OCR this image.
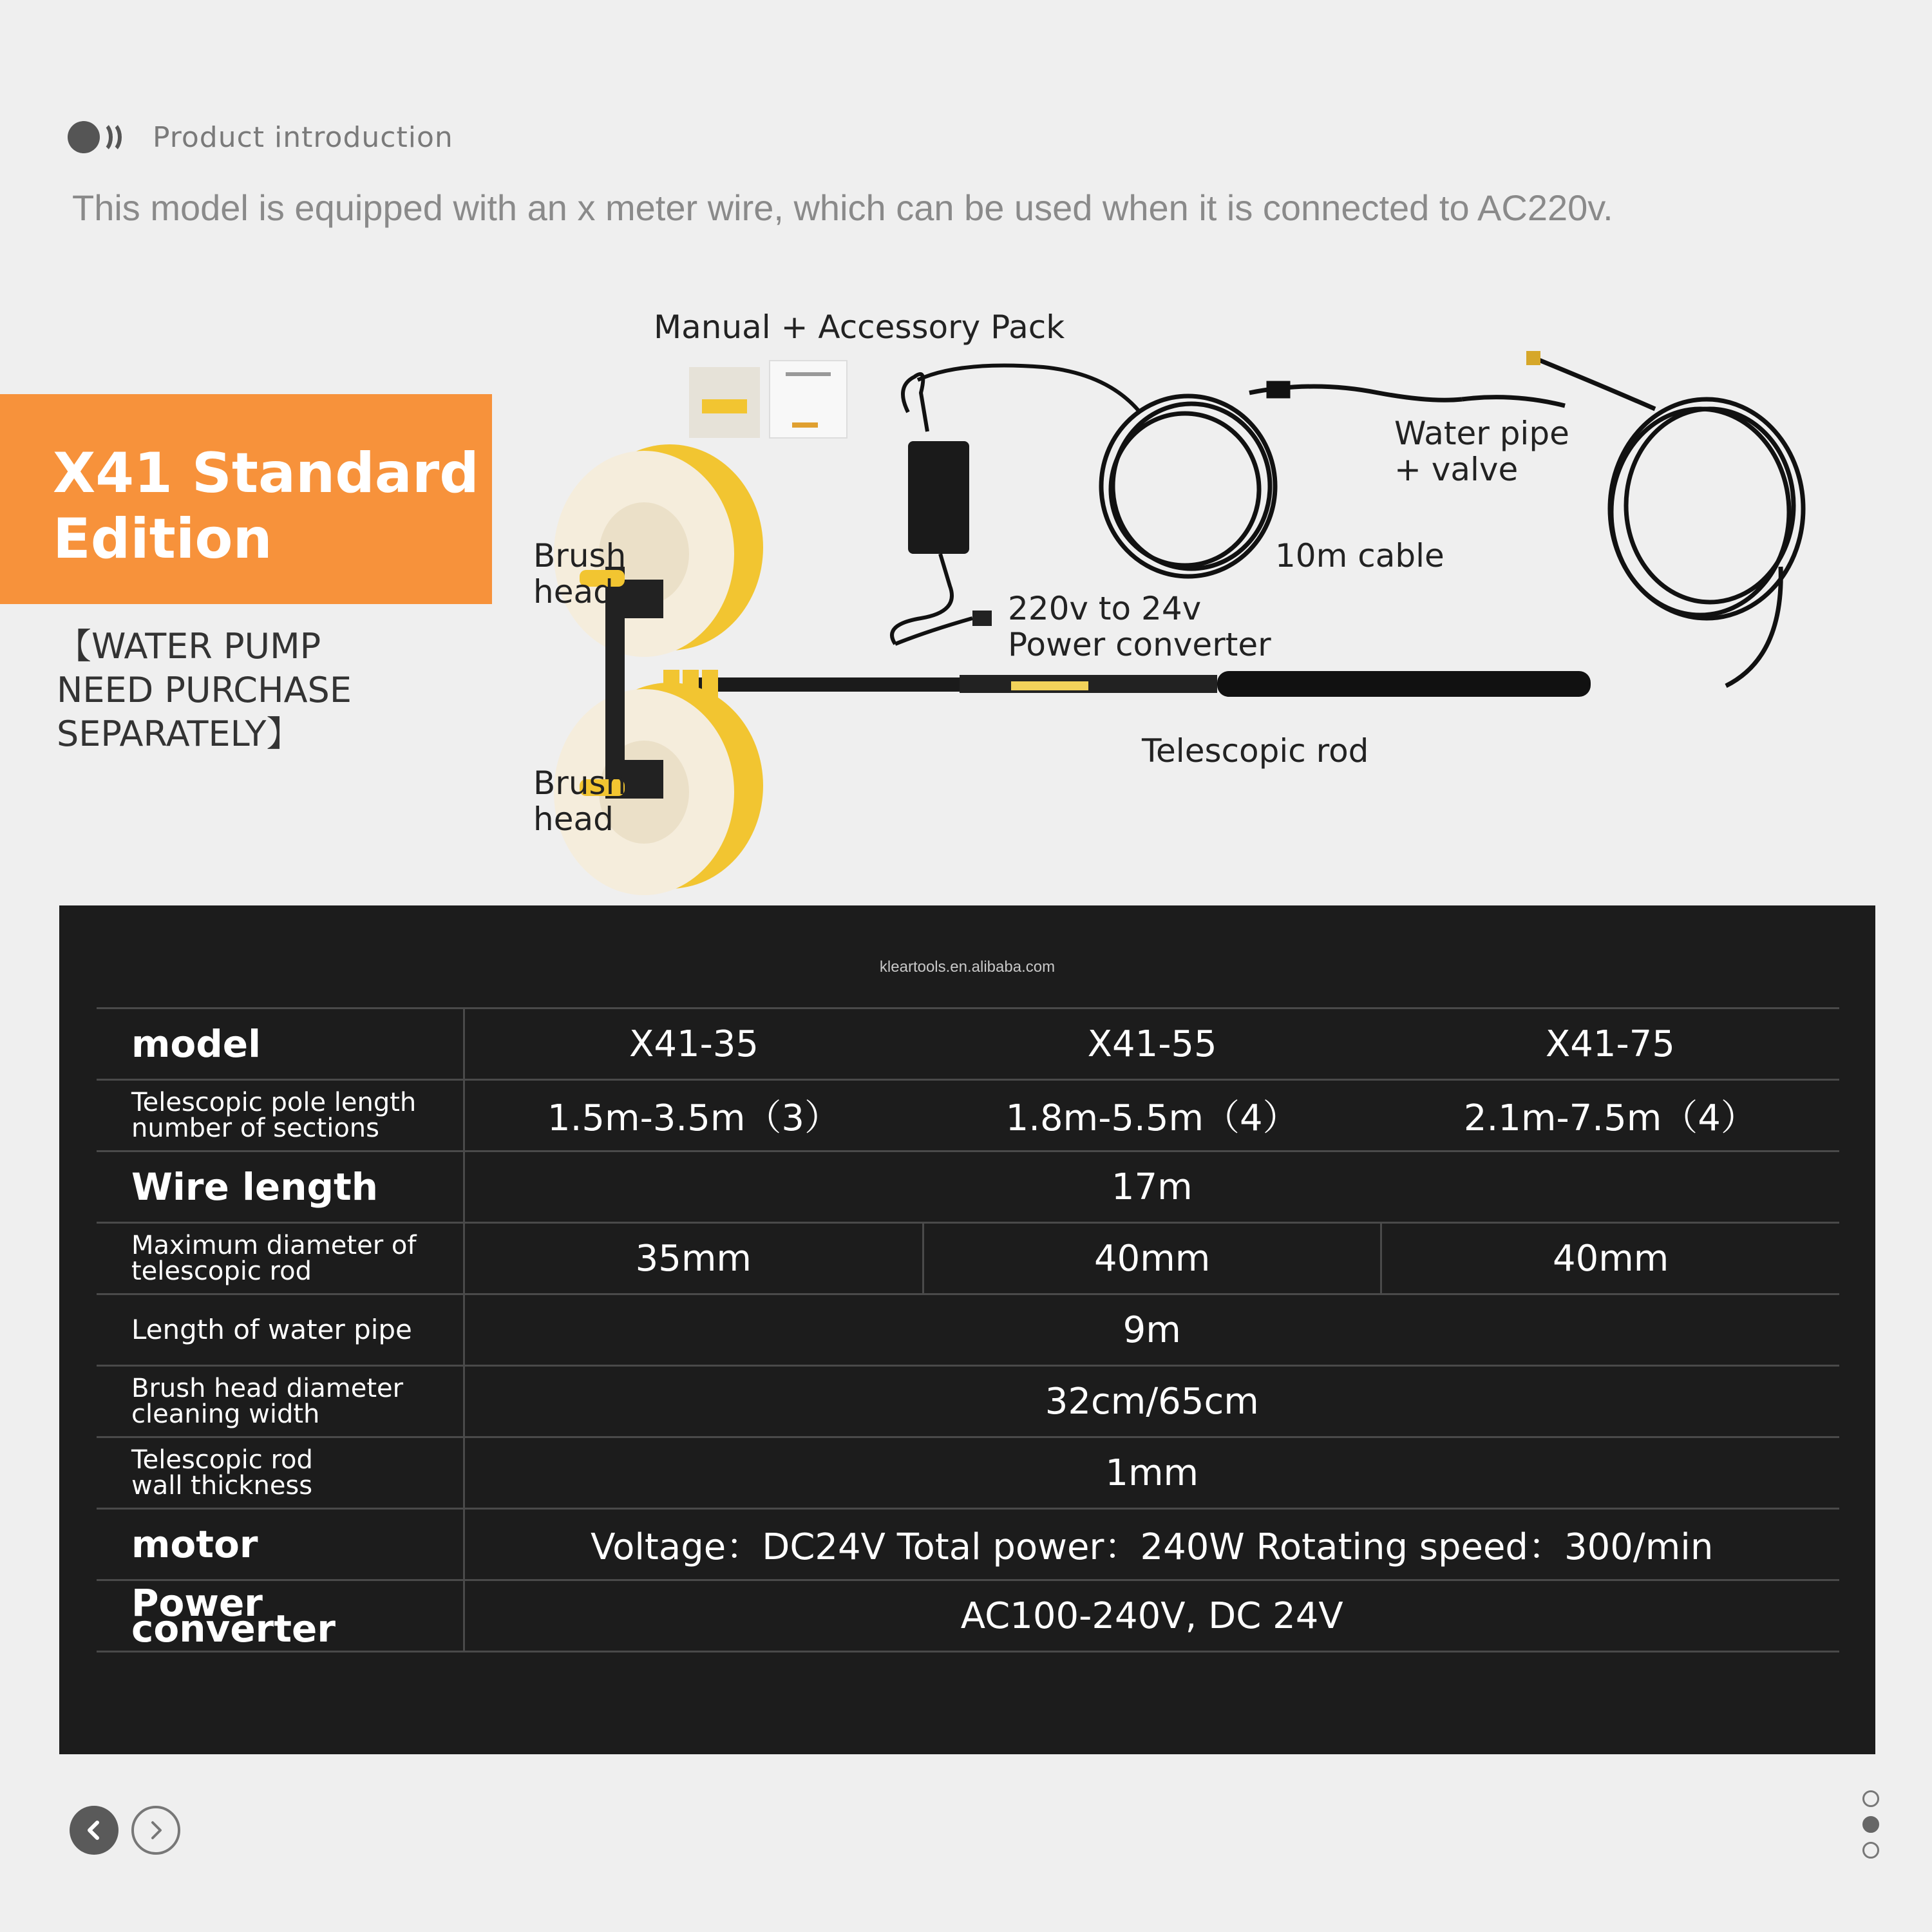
Product introduction
This model is equipped with an x meter wire, which can be used when it is connected to AC220v.
X41 Standard
Edition
【WATER PUMP
NEED PURCHASE
SEPARATELY】
Manual + Accessory Pack
Brush
head
Brush
head
Water pipe
+ valve
10m cable
220v to 24v
Power converter
Telescopic rod
kleartools.en.alibaba.com
model	X41-35	X41-55	X41-75

Telescopic pole length
number of sections	1.5m-3.5m（3）	1.8m-5.5m（4）	2.1m-7.5m（4）
Wire length	17m		

Maximum diameter of
telescopic rod	35mm	40mm	40mm
Length of water pipe	9m		

Brush head diameter
cleaning width	32cm/65cm		

Telescopic rod
wall thickness	1mm		
motor	Voltage：DC24V Total power：240W Rotating speed：300/min		
Power converter	AC100-240V, DC 24V		
